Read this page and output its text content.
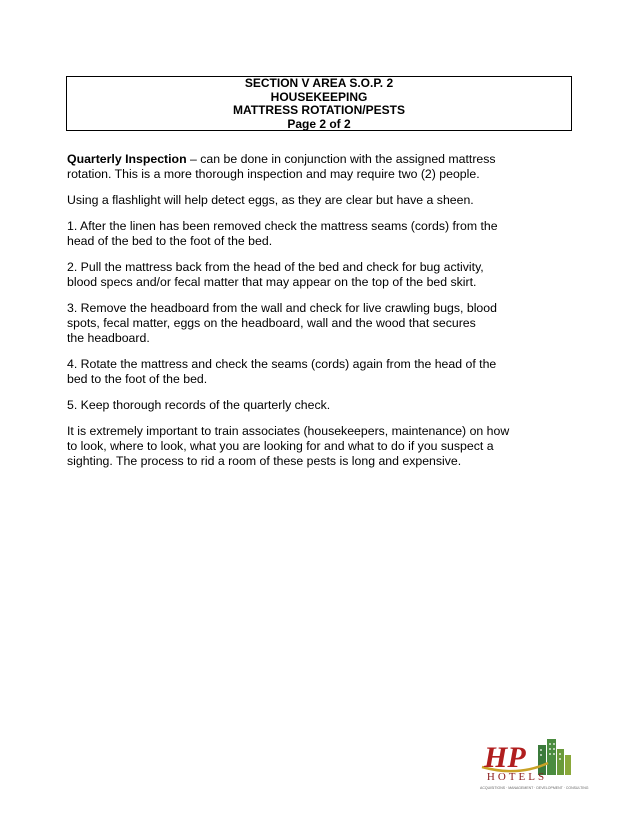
SECTION V AREA S.O.P. 2
HOUSEKEEPING
MATTRESS ROTATION/PESTS
Page 2 of 2

Quarterly Inspection – can be done in conjunction with the assigned mattress
rotation. This is a more thorough inspection and may require two (2) people.

Using a flashlight will help detect eggs, as they are clear but have a sheen.

1. After the linen has been removed check the mattress seams (cords) from the
head of the bed to the foot of the bed.

2. Pull the mattress back from the head of the bed and check for bug activity,
blood specs and/or fecal matter that may appear on the top of the bed skirt.

3. Remove the headboard from the wall and check for live crawling bugs, blood
spots, fecal matter, eggs on the headboard, wall and the wood that secures
the headboard.

4. Rotate the mattress and check the seams (cords) again from the head of the
bed to the foot of the bed.

5. Keep thorough records of the quarterly check.

It is extremely important to train associates (housekeepers, maintenance) on how
to look, where to look, what you are looking for and what to do if you suspect a
sighting. The process to rid a room of these pests is long and expensive.

HP
HOTELS
ACQUISITIONS · MANAGEMENT · DEVELOPMENT · CONSULTING
